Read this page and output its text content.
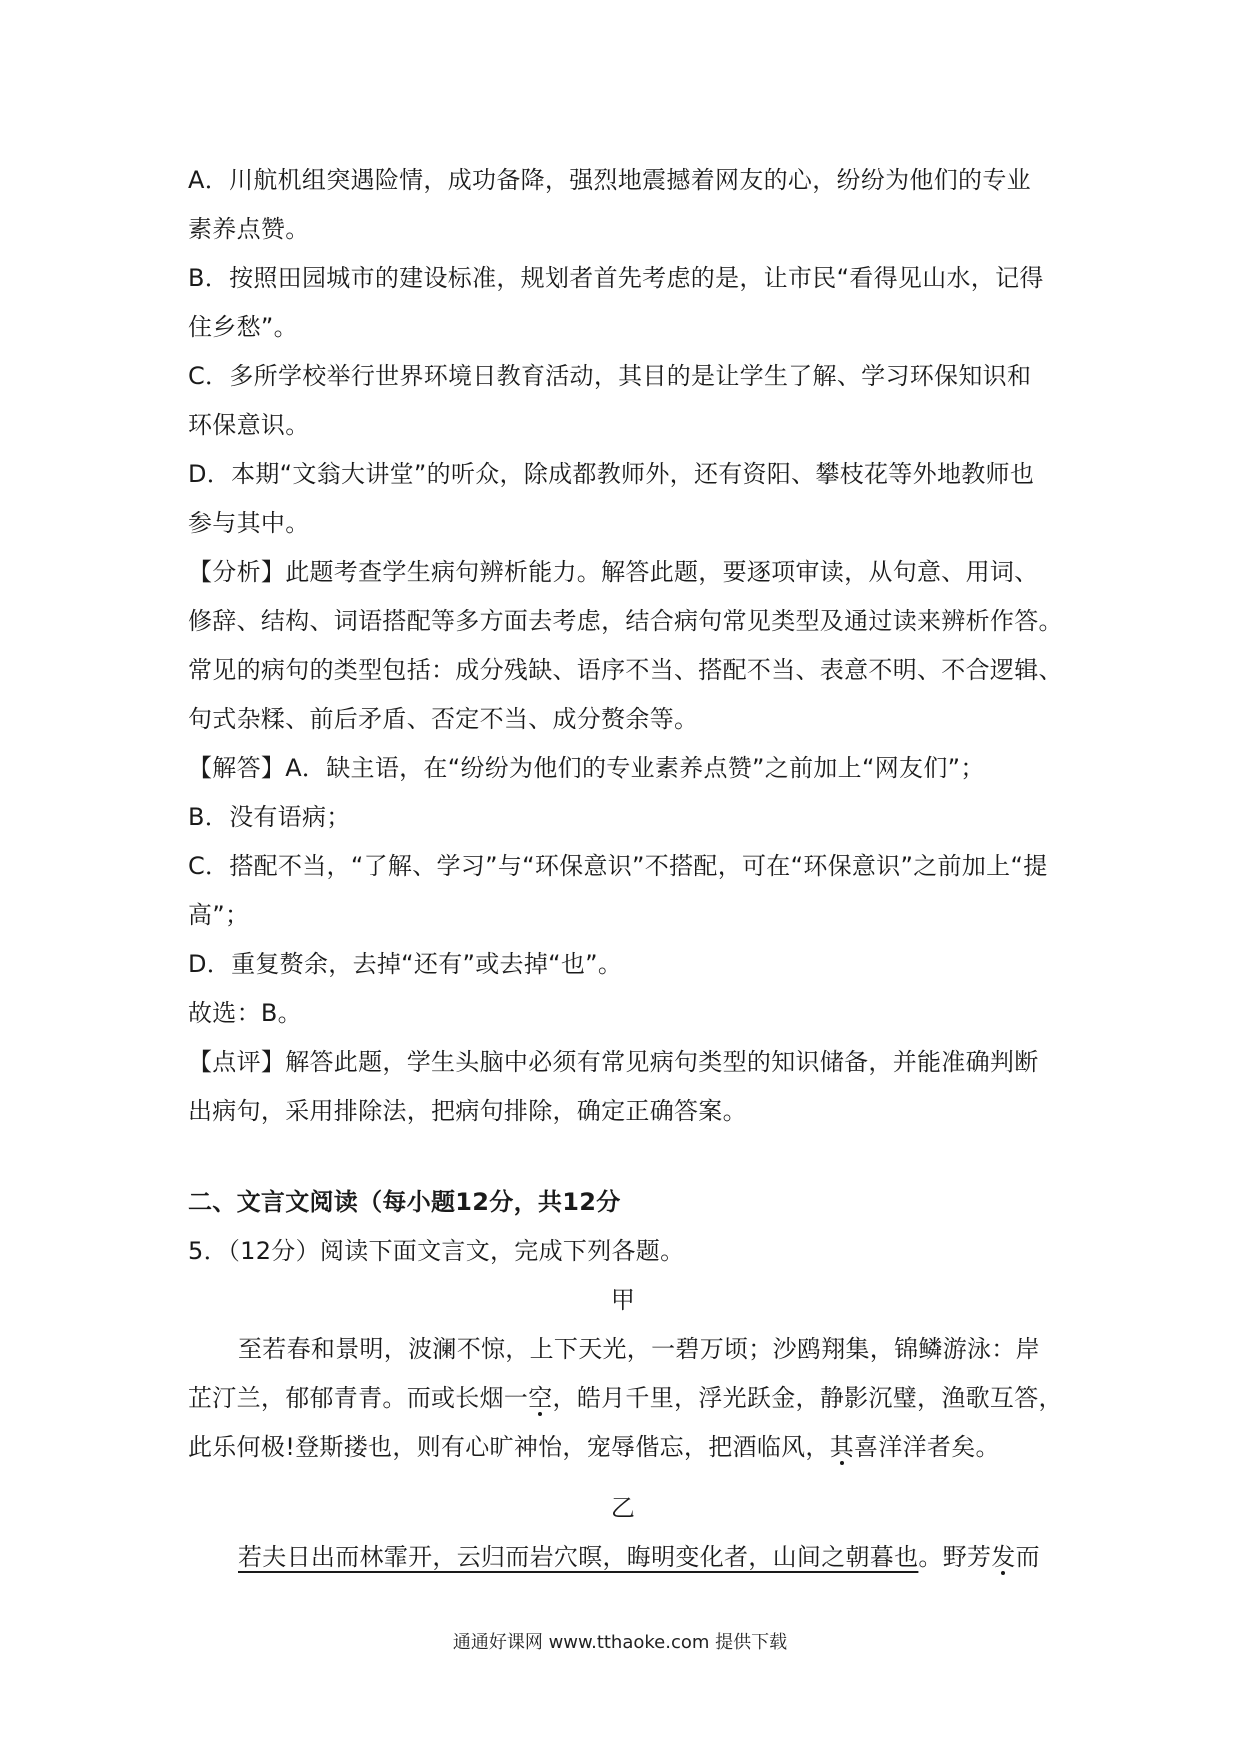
A．川航机组突遇险情，成功备降，强烈地震撼着网友的心，纷纷为他们的专业
素养点赞。
B．按照田园城市的建设标准，规划者首先考虑的是，让市民“看得见山水，记得
住乡愁”。
C．多所学校举行世界环境日教育活动，其目的是让学生了解、学习环保知识和
环保意识。
D．本期“文翁大讲堂”的听众，除成都教师外，还有资阳、攀枝花等外地教师也
参与其中。
【分析】此题考查学生病句辨析能力。解答此题，要逐项审读，从句意、用词、
修辞、结构、词语搭配等多方面去考虑，结合病句常见类型及通过读来辨析作答。
常见的病句的类型包括：成分残缺、语序不当、搭配不当、表意不明、不合逻辑、
句式杂糅、前后矛盾、否定不当、成分赘余等。
【解答】A．缺主语，在“纷纷为他们的专业素养点赞”之前加上“网友们”；
B．没有语病；
C．搭配不当，“了解、学习”与“环保意识”不搭配，可在“环保意识”之前加上“提
高”；
D．重复赘余，去掉“还有”或去掉“也”。
故选：B。
【点评】解答此题，学生头脑中必须有常见病句类型的知识储备，并能准确判断
出病句，采用排除法，把病句排除，确定正确答案。
二、文言文阅读（每小题12分，共12分
5．（12分）阅读下面文言文，完成下列各题。
甲
至若春和景明，波澜不惊，上下天光，一碧万顷；沙鸥翔集，锦鳞游泳：岸
芷汀兰，郁郁青青。而或长烟一空，皓月千里，浮光跃金，静影沉璧，渔歌互答，
此乐何极!登斯搂也，则有心旷神怡，宠辱偕忘，把酒临风，其喜洋洋者矣。
乙
若夫日出而林霏开，云归而岩穴暝，晦明变化者，山间之朝暮也。野芳发而
通通好课网 www.tthaoke.com 提供下载
